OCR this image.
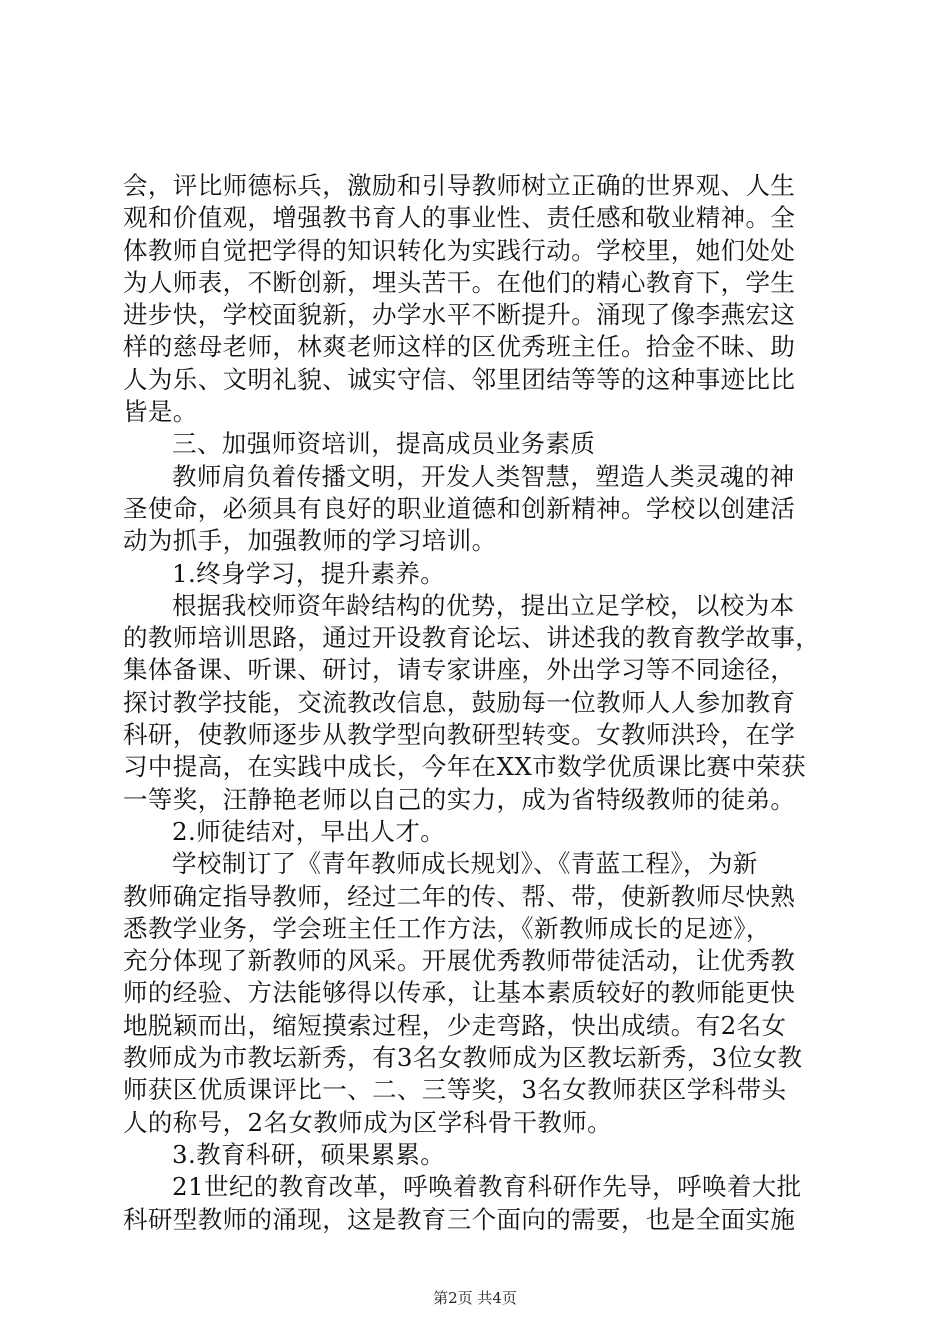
会，评比师德标兵，激励和引导教师树立正确的世界观、人生
观和价值观，增强教书育人的事业性、责任感和敬业精神。全
体教师自觉把学得的知识转化为实践行动。学校里，她们处处
为人师表，不断创新，埋头苦干。在他们的精心教育下，学生
进步快，学校面貌新，办学水平不断提升。涌现了像李燕宏这
样的慈母老师，林爽老师这样的区优秀班主任。拾金不昧、助
人为乐、文明礼貌、诚实守信、邻里团结等等的这种事迹比比
皆是。
三、加强师资培训，提高成员业务素质
教师肩负着传播文明，开发人类智慧，塑造人类灵魂的神
圣使命，必须具有良好的职业道德和创新精神。学校以创建活
动为抓手，加强教师的学习培训。
1.终身学习，提升素养。
根据我校师资年龄结构的优势，提出立足学校，以校为本
的教师培训思路，通过开设教育论坛、讲述我的教育教学故事，
集体备课、听课、研讨，请专家讲座，外出学习等不同途径，
探讨教学技能，交流教改信息，鼓励每一位教师人人参加教育
科研，使教师逐步从教学型向教研型转变。女教师洪玲，在学
习中提高，在实践中成长，今年在XX市数学优质课比赛中荣获
一等奖，汪静艳老师以自己的实力，成为省特级教师的徒弟。
2.师徒结对，早出人才。
学校制订了《青年教师成长规划》、《青蓝工程》，为新
教师确定指导教师，经过二年的传、帮、带，使新教师尽快熟
悉教学业务，学会班主任工作方法，《新教师成长的足迹》，
充分体现了新教师的风采。开展优秀教师带徒活动，让优秀教
师的经验、方法能够得以传承，让基本素质较好的教师能更快
地脱颖而出，缩短摸索过程，少走弯路，快出成绩。有2名女
教师成为市教坛新秀，有3名女教师成为区教坛新秀，3位女教
师获区优质课评比一、二、三等奖，3名女教师获区学科带头
人的称号，2名女教师成为区学科骨干教师。
3.教育科研，硕果累累。
21世纪的教育改革，呼唤着教育科研作先导，呼唤着大批
科研型教师的涌现，这是教育三个面向的需要，也是全面实施
第2页 共4页
